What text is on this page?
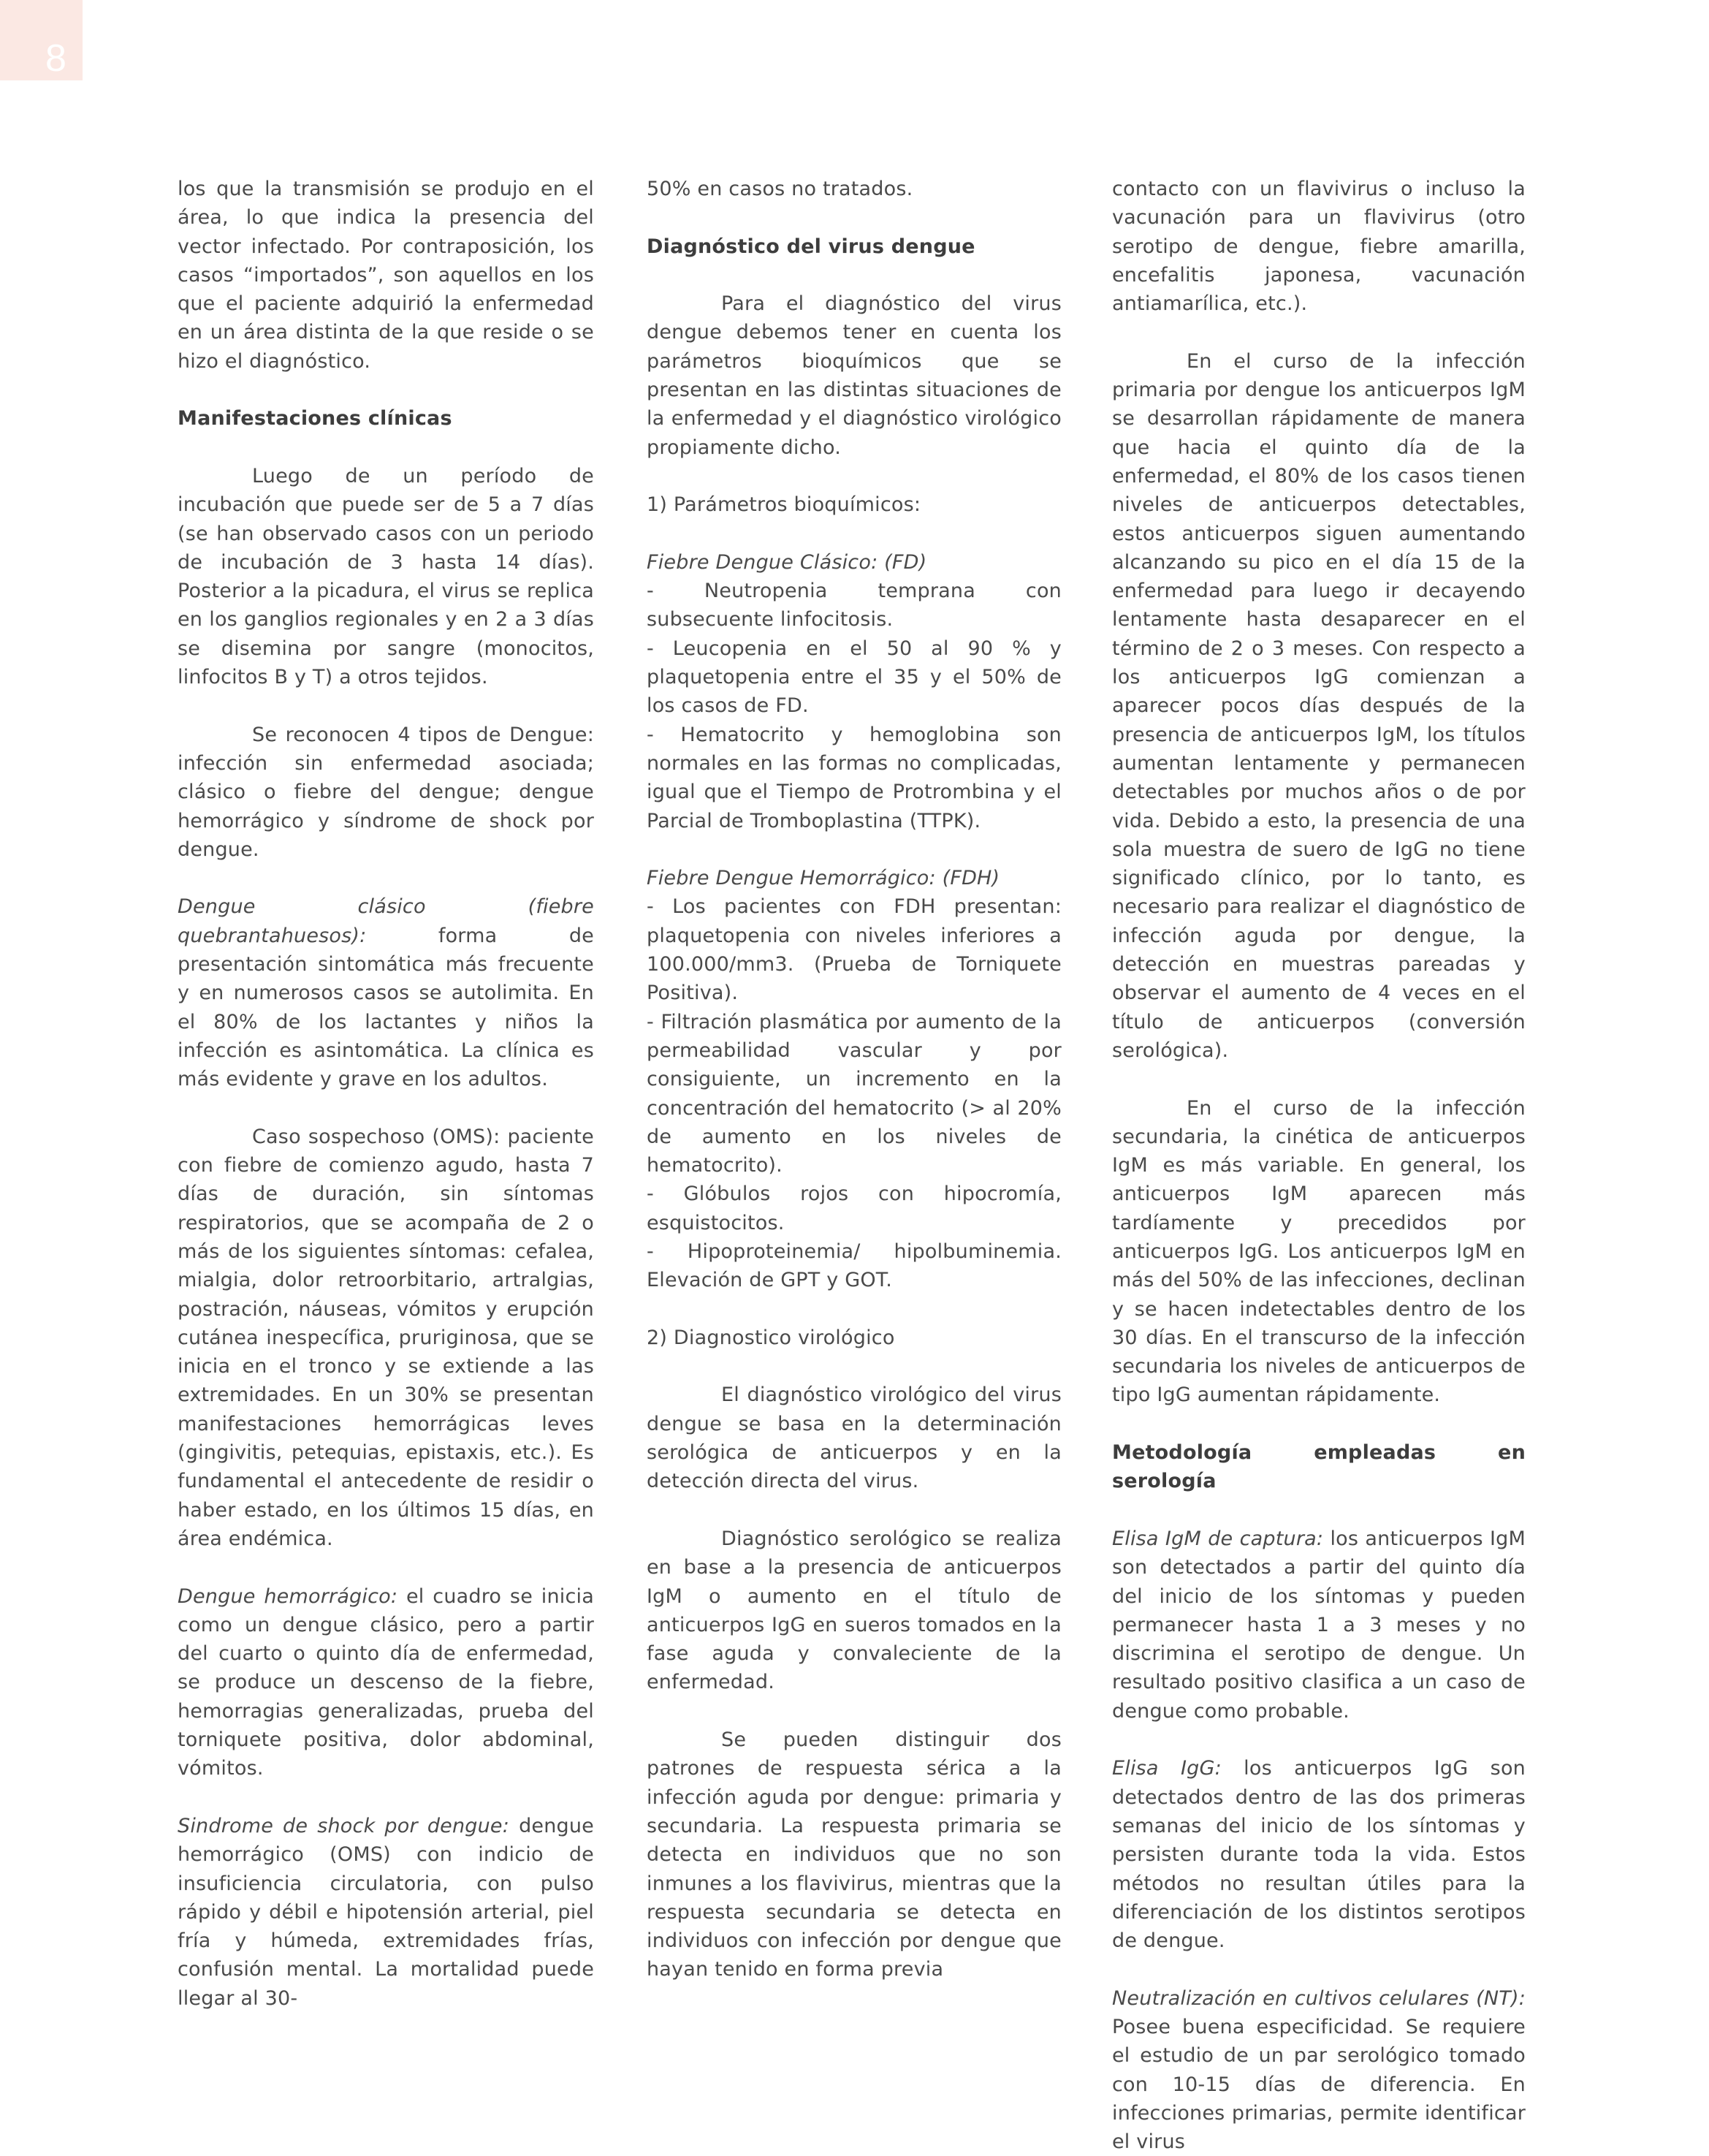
8

los que la transmisión se produjo en el área, lo que indica la presencia del vector infectado. Por contraposición, los casos “importados”, son aquellos en los que el paciente adquirió la enfermedad en un área distinta de la que reside o se hizo el diagnóstico.

Manifestaciones clínicas

Luego de un período de incubación que puede ser de 5 a 7 días (se han observado casos con un periodo de incubación de 3 hasta 14 días). Posterior a la picadura, el virus se replica en los ganglios regionales y en 2 a 3 días se disemina por sangre (monocitos, linfocitos B y T) a otros tejidos.

Se reconocen 4 tipos de Dengue: infección sin enfermedad asociada; clásico o fiebre del dengue; dengue hemorrágico y síndrome de shock por dengue.

Dengue clásico (fiebre quebrantahuesos): forma de presentación sintomática más frecuente y en numerosos casos se autolimita. En el 80% de los lactantes y niños la infección es asintomática. La clínica es más evidente y grave en los adultos.

Caso sospechoso (OMS): paciente con fiebre de comienzo agudo, hasta 7 días de duración, sin síntomas respiratorios, que se acompaña de 2 o más de los siguientes síntomas: cefalea, mialgia, dolor retroorbitario, artralgias, postración, náuseas, vómitos y erupción cutánea inespecífica, pruriginosa, que se inicia en el tronco y se extiende a las extremidades. En un 30% se presentan manifestaciones hemorrágicas leves (gingivitis, petequias, epistaxis, etc.). Es fundamental el antecedente de residir o haber estado, en los últimos 15 días, en área endémica.

Dengue hemorrágico: el cuadro se inicia como un dengue clásico, pero a partir del cuarto o quinto día de enfermedad, se produce un descenso de la fiebre, hemorragias generalizadas, prueba del torniquete positiva, dolor abdominal, vómitos.

Sindrome de shock por dengue: dengue hemorrágico (OMS) con indicio de insuficiencia circulatoria, con pulso rápido y débil e hipotensión arterial, piel fría y húmeda, extremidades frías, confusión mental. La mortalidad puede llegar al 30-

50% en casos no tratados.

Diagnóstico del virus dengue

Para el diagnóstico del virus dengue debemos tener en cuenta los parámetros bioquímicos que se presentan en las distintas situaciones de la enfermedad y el diagnóstico virológico propiamente dicho.

1) Parámetros bioquímicos:

Fiebre Dengue Clásico: (FD)
- Neutropenia temprana con subsecuente linfocitosis.
- Leucopenia en el 50 al 90 % y plaquetopenia entre el 35 y el 50% de los casos de FD.
- Hematocrito y hemoglobina son normales en las formas no complicadas, igual que el Tiempo de Protrombina y el Parcial de Tromboplastina (TTPK).

Fiebre Dengue Hemorrágico: (FDH)
- Los pacientes con FDH presentan: plaquetopenia con niveles inferiores a 100.000/mm3. (Prueba de Torniquete Positiva).
- Filtración plasmática por aumento de la permeabilidad vascular y por consiguiente, un incremento en la concentración del hematocrito (> al 20% de aumento en los niveles de hematocrito).
- Glóbulos rojos con hipocromía, esquistocitos.
- Hipoproteinemia/ hipolbuminemia. Elevación de GPT y GOT.

2) Diagnostico virológico

El diagnóstico virológico del virus dengue se basa en la determinación serológica de anticuerpos y en la detección directa del virus.

Diagnóstico serológico se realiza en base a la presencia de anticuerpos IgM o aumento en el título de anticuerpos IgG en sueros tomados en la fase aguda y convaleciente de la enfermedad.

Se pueden distinguir dos patrones de respuesta sérica a la infección aguda por dengue: primaria y secundaria. La respuesta primaria se detecta en individuos que no son inmunes a los flavivirus, mientras que la respuesta secundaria se detecta en individuos con infección por dengue que hayan tenido en forma previa

contacto con un flavivirus o incluso la vacunación para un flavivirus (otro serotipo de dengue, fiebre amarilla, encefalitis japonesa, vacunación antiamarílica, etc.).

En el curso de la infección primaria por dengue los anticuerpos IgM se desarrollan rápidamente de manera que hacia el quinto día de la enfermedad, el 80% de los casos tienen niveles de anticuerpos detectables, estos anticuerpos siguen aumentando alcanzando su pico en el día 15 de la enfermedad para luego ir decayendo lentamente hasta desaparecer en el término de 2 o 3 meses. Con respecto a los anticuerpos IgG comienzan a aparecer pocos días después de la presencia de anticuerpos IgM, los títulos aumentan lentamente y permanecen detectables por muchos años o de por vida. Debido a esto, la presencia de una sola muestra de suero de IgG no tiene significado clínico, por lo tanto, es necesario para realizar el diagnóstico de infección aguda por dengue, la detección en muestras pareadas y observar el aumento de 4 veces en el título de anticuerpos (conversión serológica).

En el curso de la infección secundaria, la cinética de anticuerpos IgM es más variable. En general, los anticuerpos IgM aparecen más tardíamente y precedidos por anticuerpos IgG. Los anticuerpos IgM en más del 50% de las infecciones, declinan y se hacen indetectables dentro de los 30 días. En el transcurso de la infección secundaria los niveles de anticuerpos de tipo IgG aumentan rápidamente.

Metodología empleadas en serología

Elisa IgM de captura: los anticuerpos IgM son detectados a partir del quinto día del inicio de los síntomas y pueden permanecer hasta 1 a 3 meses y no discrimina el serotipo de dengue. Un resultado positivo clasifica a un caso de dengue como probable.

Elisa IgG: los anticuerpos IgG son detectados dentro de las dos primeras semanas del inicio de los síntomas y persisten durante toda la vida. Estos métodos no resultan útiles para la diferenciación de los distintos serotipos de dengue.

Neutralización en cultivos celulares (NT): Posee buena especificidad. Se requiere el estudio de un par serológico tomado con 10-15 días de diferencia. En infecciones primarias, permite identificar el virus
